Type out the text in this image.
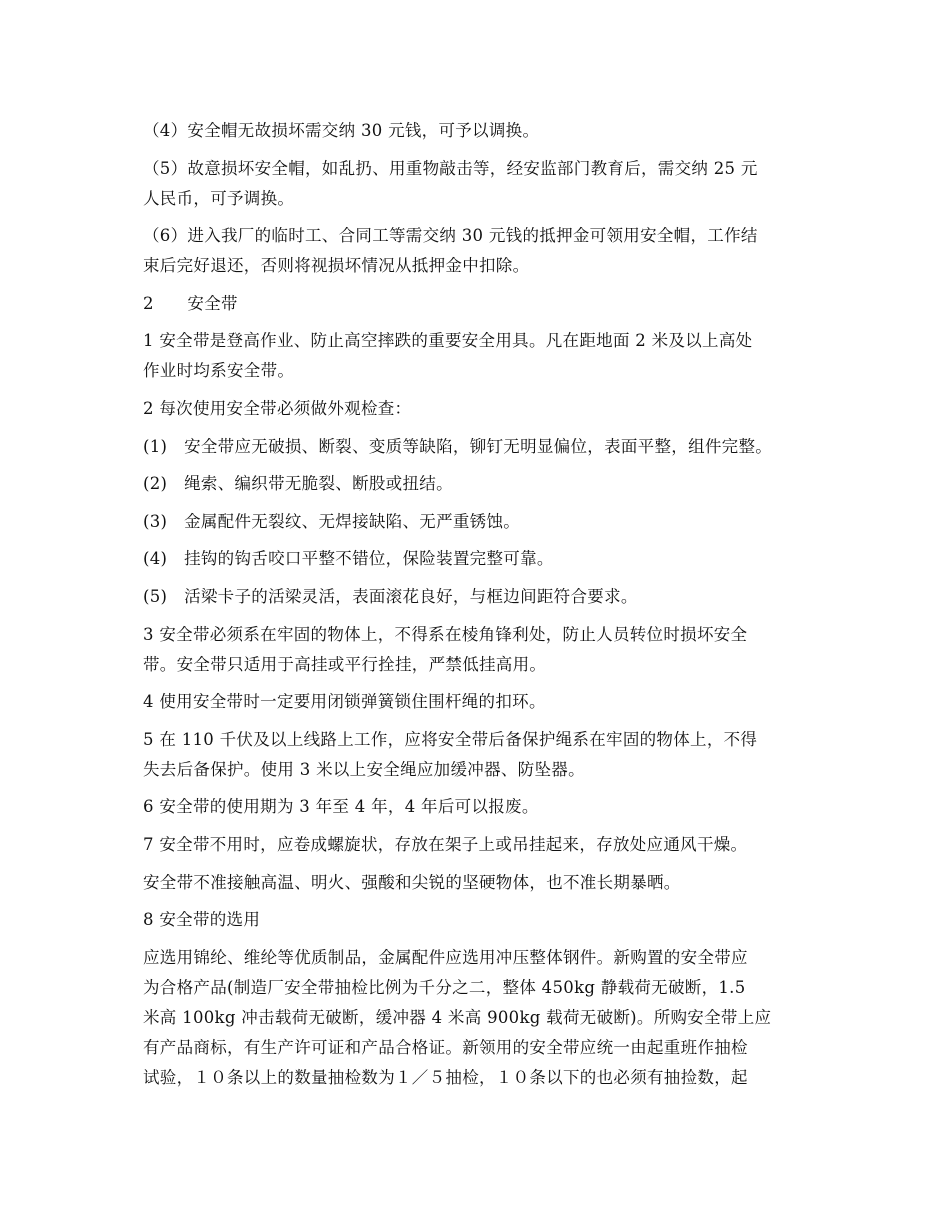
（4）安全帽无故损坏需交纳 30 元钱，可予以调换。
（5）故意损坏安全帽，如乱扔、用重物敲击等，经安监部门教育后，需交纳 25 元
人民币，可予调换。
（6）进入我厂的临时工、合同工等需交纳 30 元钱的抵押金可领用安全帽，工作结
束后完好退还，否则将视损坏情况从抵押金中扣除。
2　　安全带
1 安全带是登高作业、防止高空摔跌的重要安全用具。凡在距地面 2 米及以上高处
作业时均系安全带。
2 每次使用安全带必须做外观检查：
(1)　安全带应无破损、断裂、变质等缺陷，铆钉无明显偏位，表面平整，组件完整。
(2)　绳索、编织带无脆裂、断股或扭结。
(3)　金属配件无裂纹、无焊接缺陷、无严重锈蚀。
(4)　挂钩的钩舌咬口平整不错位，保险装置完整可靠。
(5)　活梁卡子的活梁灵活，表面滚花良好，与框边间距符合要求。
3 安全带必须系在牢固的物体上，不得系在棱角锋利处，防止人员转位时损坏安全
带。安全带只适用于高挂或平行拴挂，严禁低挂高用。
4 使用安全带时一定要用闭锁弹簧锁住围杆绳的扣环。
5 在 110 千伏及以上线路上工作，应将安全带后备保护绳系在牢固的物体上，不得
失去后备保护。使用 3 米以上安全绳应加缓冲器、防坠器。
6 安全带的使用期为 3 年至 4 年，4 年后可以报废。
7 安全带不用时，应卷成螺旋状，存放在架子上或吊挂起来，存放处应通风干燥。
安全带不准接触高温、明火、强酸和尖锐的坚硬物体，也不准长期暴晒。
8 安全带的选用
应选用锦纶、维纶等优质制品，金属配件应选用冲压整体钢件。新购置的安全带应
为合格产品(制造厂安全带抽检比例为千分之二，整体 450kg 静载荷无破断，1.5
米高 100kg 冲击载荷无破断，缓冲器 4 米高 900kg 载荷无破断)。所购安全带上应
有产品商标，有生产许可证和产品合格证。新领用的安全带应统一由起重班作抽检
试验，１０条以上的数量抽检数为１／５抽检，１０条以下的也必须有抽捡数，起
